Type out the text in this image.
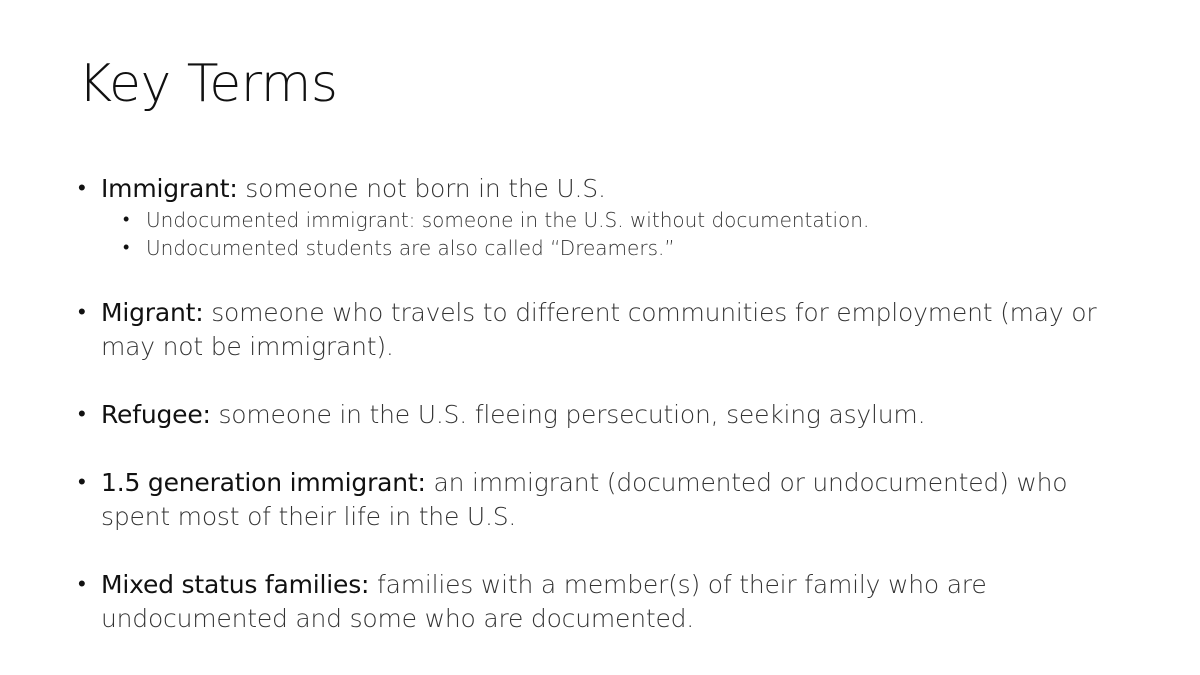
Key Terms
• Immigrant: someone not born in the U.S.
• Undocumented immigrant: someone in the U.S. without documentation.
• Undocumented students are also called “Dreamers.”
• Migrant: someone who travels to different communities for employment (may or may not be immigrant).
• Refugee: someone in the U.S. fleeing persecution, seeking asylum.
• 1.5 generation immigrant: an immigrant (documented or undocumented) who spent most of their life in the U.S.
• Mixed status families: families with a member(s) of their family who are undocumented and some who are documented.
